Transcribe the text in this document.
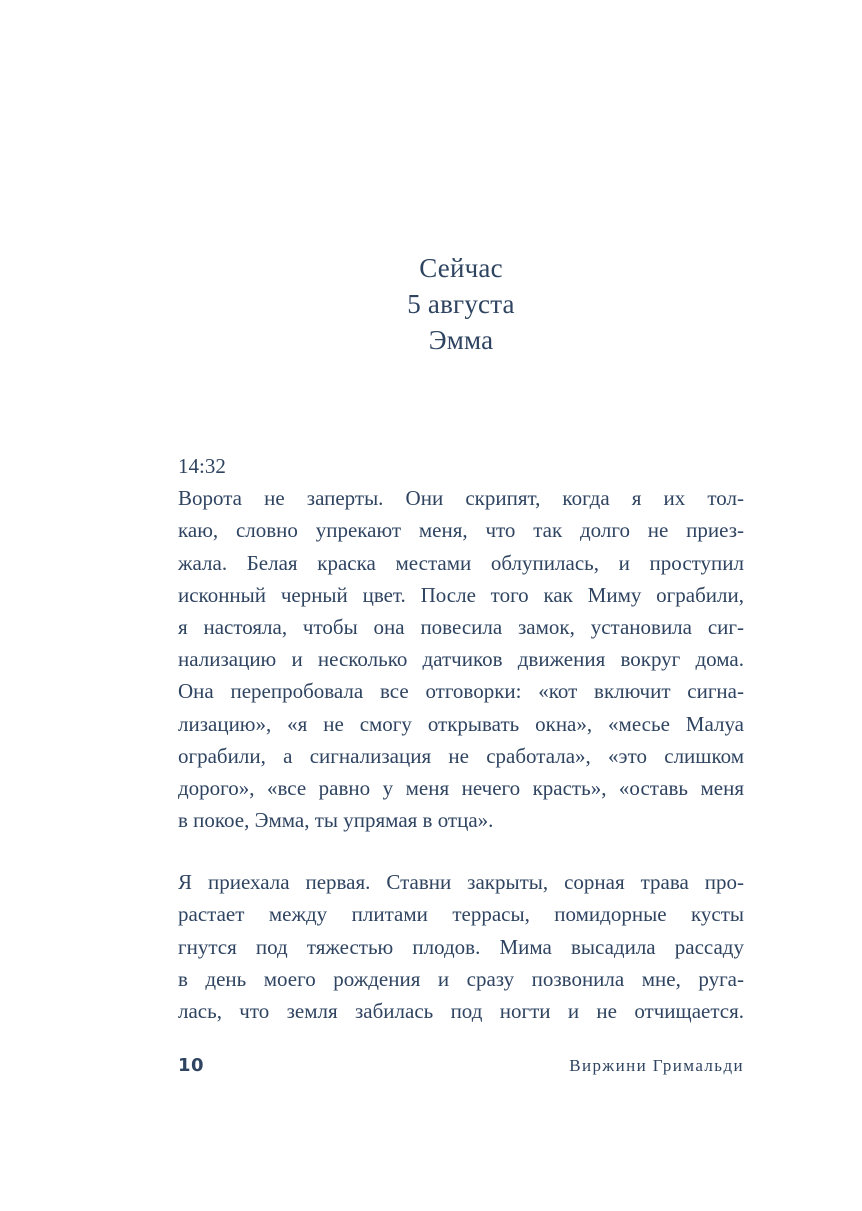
Сейчас
5 августа
Эмма
14:32
Ворота не заперты. Они скрипят, когда я их тол-
каю, словно упрекают меня, что так долго не приез-
жала. Белая краска местами облупилась, и проступил
исконный черный цвет. После того как Миму ограбили,
я настояла, чтобы она повесила замок, установила сиг-
нализацию и несколько датчиков движения вокруг дома.
Она перепробовала все отговорки: «кот включит сигна-
лизацию», «я не смогу открывать окна», «месье Малуа
ограбили, а сигнализация не сработала», «это слишком
дорого», «все равно у меня нечего красть», «оставь меня
в покое, Эмма, ты упрямая в отца».
Я приехала первая. Ставни закрыты, сорная трава про-
растает между плитами террасы, помидорные кусты
гнутся под тяжестью плодов. Мима высадила рассаду
в день моего рождения и сразу позвонила мне, руга-
лась, что земля забилась под ногти и не отчищается.
10	Виржини Гримальди
